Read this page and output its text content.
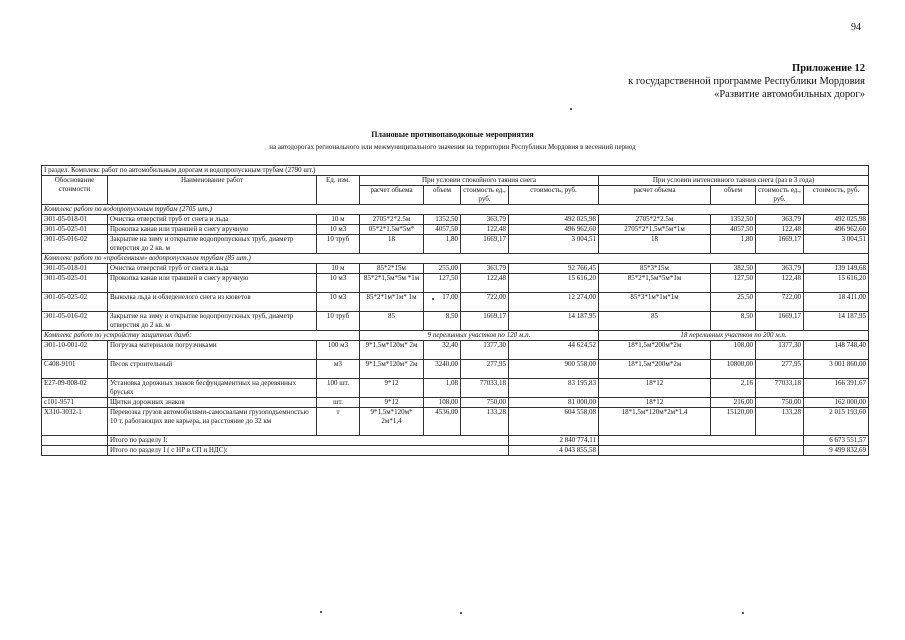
94
Приложение 12
к государственной программе Республики Мордовия
«Развитие автомобильных дорог»
Плановые противопаводковые мероприятия
на автодорогах регионального или межмуниципального значения на территории Республики Мордовия в весенний период
I раздел. Комплекс работ по автомобильным дорогам и водопропускным трубам (2790 шт.)										
Обоснование стоимости	Наименование работ	Ед. изм.	При условии спокойного таяния снега				При условии интенсивного таяния снега (раз в 3 года)			
			расчет объема	объем	стоимость ед., руб.	стоимость, руб.	расчет объема	объем	стоимость ед., руб.	стоимость, руб.
Комплекс работ по водопропускным трубам (2705 шт.)										
Э01-05-018-01	Очистка отверстий труб от снега и льда	10 м	2705*2*2.5м	1352,50	363,79	492 025,98	2705*2*2.5м	1352,50	363,79	492 025,98
Э01-05-025-01	Прокопка канав или траншей в снегу вручную	10 м3	05*2*1.5м*5м*	4057,50	122,48	496 962,60	2705*2*1,5м*5м*1м	4057,50	122,48	496 962,60
Э01-05-016-02	Закрытие на зиму и открытие водопропускных труб, диаметр отверстия до 2 кв. м	10 труб	18	1,80	1669,17	3 004,51	18	1,80	1669,17	3 004,51
Комплекс работ по «проблемным» водопропускным трубам (85 шт.)										
Э01-05-018-01	Очистка отверстий труб от снега и льда	10 м	85*2*15м	255,00	363,79	92 766,45	85*3*15м	382,50	363,79	139 149,68
Э01-05-025-01	Прокопка канав или траншей в снегу вручную	10 м3	85*2*1,5м*5м *1м	127,50	122,48	15 616,20	85*2*1,5м*5м*1м	127,50	122,48	15 616,20
Э01-05-025-02	Выколка льда и обледенелого снега из кюветов	10 м3	85*2*1м*1м* 1м	17,00	722,00	12 274,00	85*3*1м*1м*1м	25,50	722,00	18 411,00
Э01-05-016-02	Закрытие на зиму и открытие водопропускных труб, диаметр отверстия до 2 кв. м	10 труб	85	8,50	1669,17	14 187,95	85	8,50	1669,17	14 187,95
Комплекс работ по устройству защитных дамб:			9 переливных участков по 120 м.п.				18 переливных участков по 200 м.п.			
Э01-10-001-02	Погрузка материалов погрузчиками	100 м3	9*1,5м*120м* 2м	32,40	1377,30	44 624,52	18*1,5м*200м*2м	108,00	1377,30	148 748,40
С408-9101	Песок строительный	м3	9*1,5м*120м* 2м	3240,00	277,95	900 558,00	18*1,5м*200м*2м	10800,00	277,95	3 001 860,00
Е27-09-008-02	Установка дорожных знаков бесфундаментных на деревянных брусьях	100 шт.	9*12	1,08	77033,18	83 195,83	18*12	2,16	77033,18	166 391,67
с101-9571	Щитки дорожных знаков	шт.	9*12	108,00	750,00	81 000,00	18*12	216,00	750,00	162 000,00
Х310-3032-1	Перевозка грузов автомобилями-самосвалами грузоподъемностью 10 т, работающих вне карьера, на расстояние до 32 км	т	9*1,5м*120м* 2м*1,4	4536,00	133,28	604 558,08	18*1,5м*120м*2м*1,4	15120,00	133,28	2 015 193,60
	Итого по разделу I:					2 840 774,11				6 673 551,57
	Итого по разделу I ( с НР в СП и НДС):					4 043 855,58				9 499 832,69
